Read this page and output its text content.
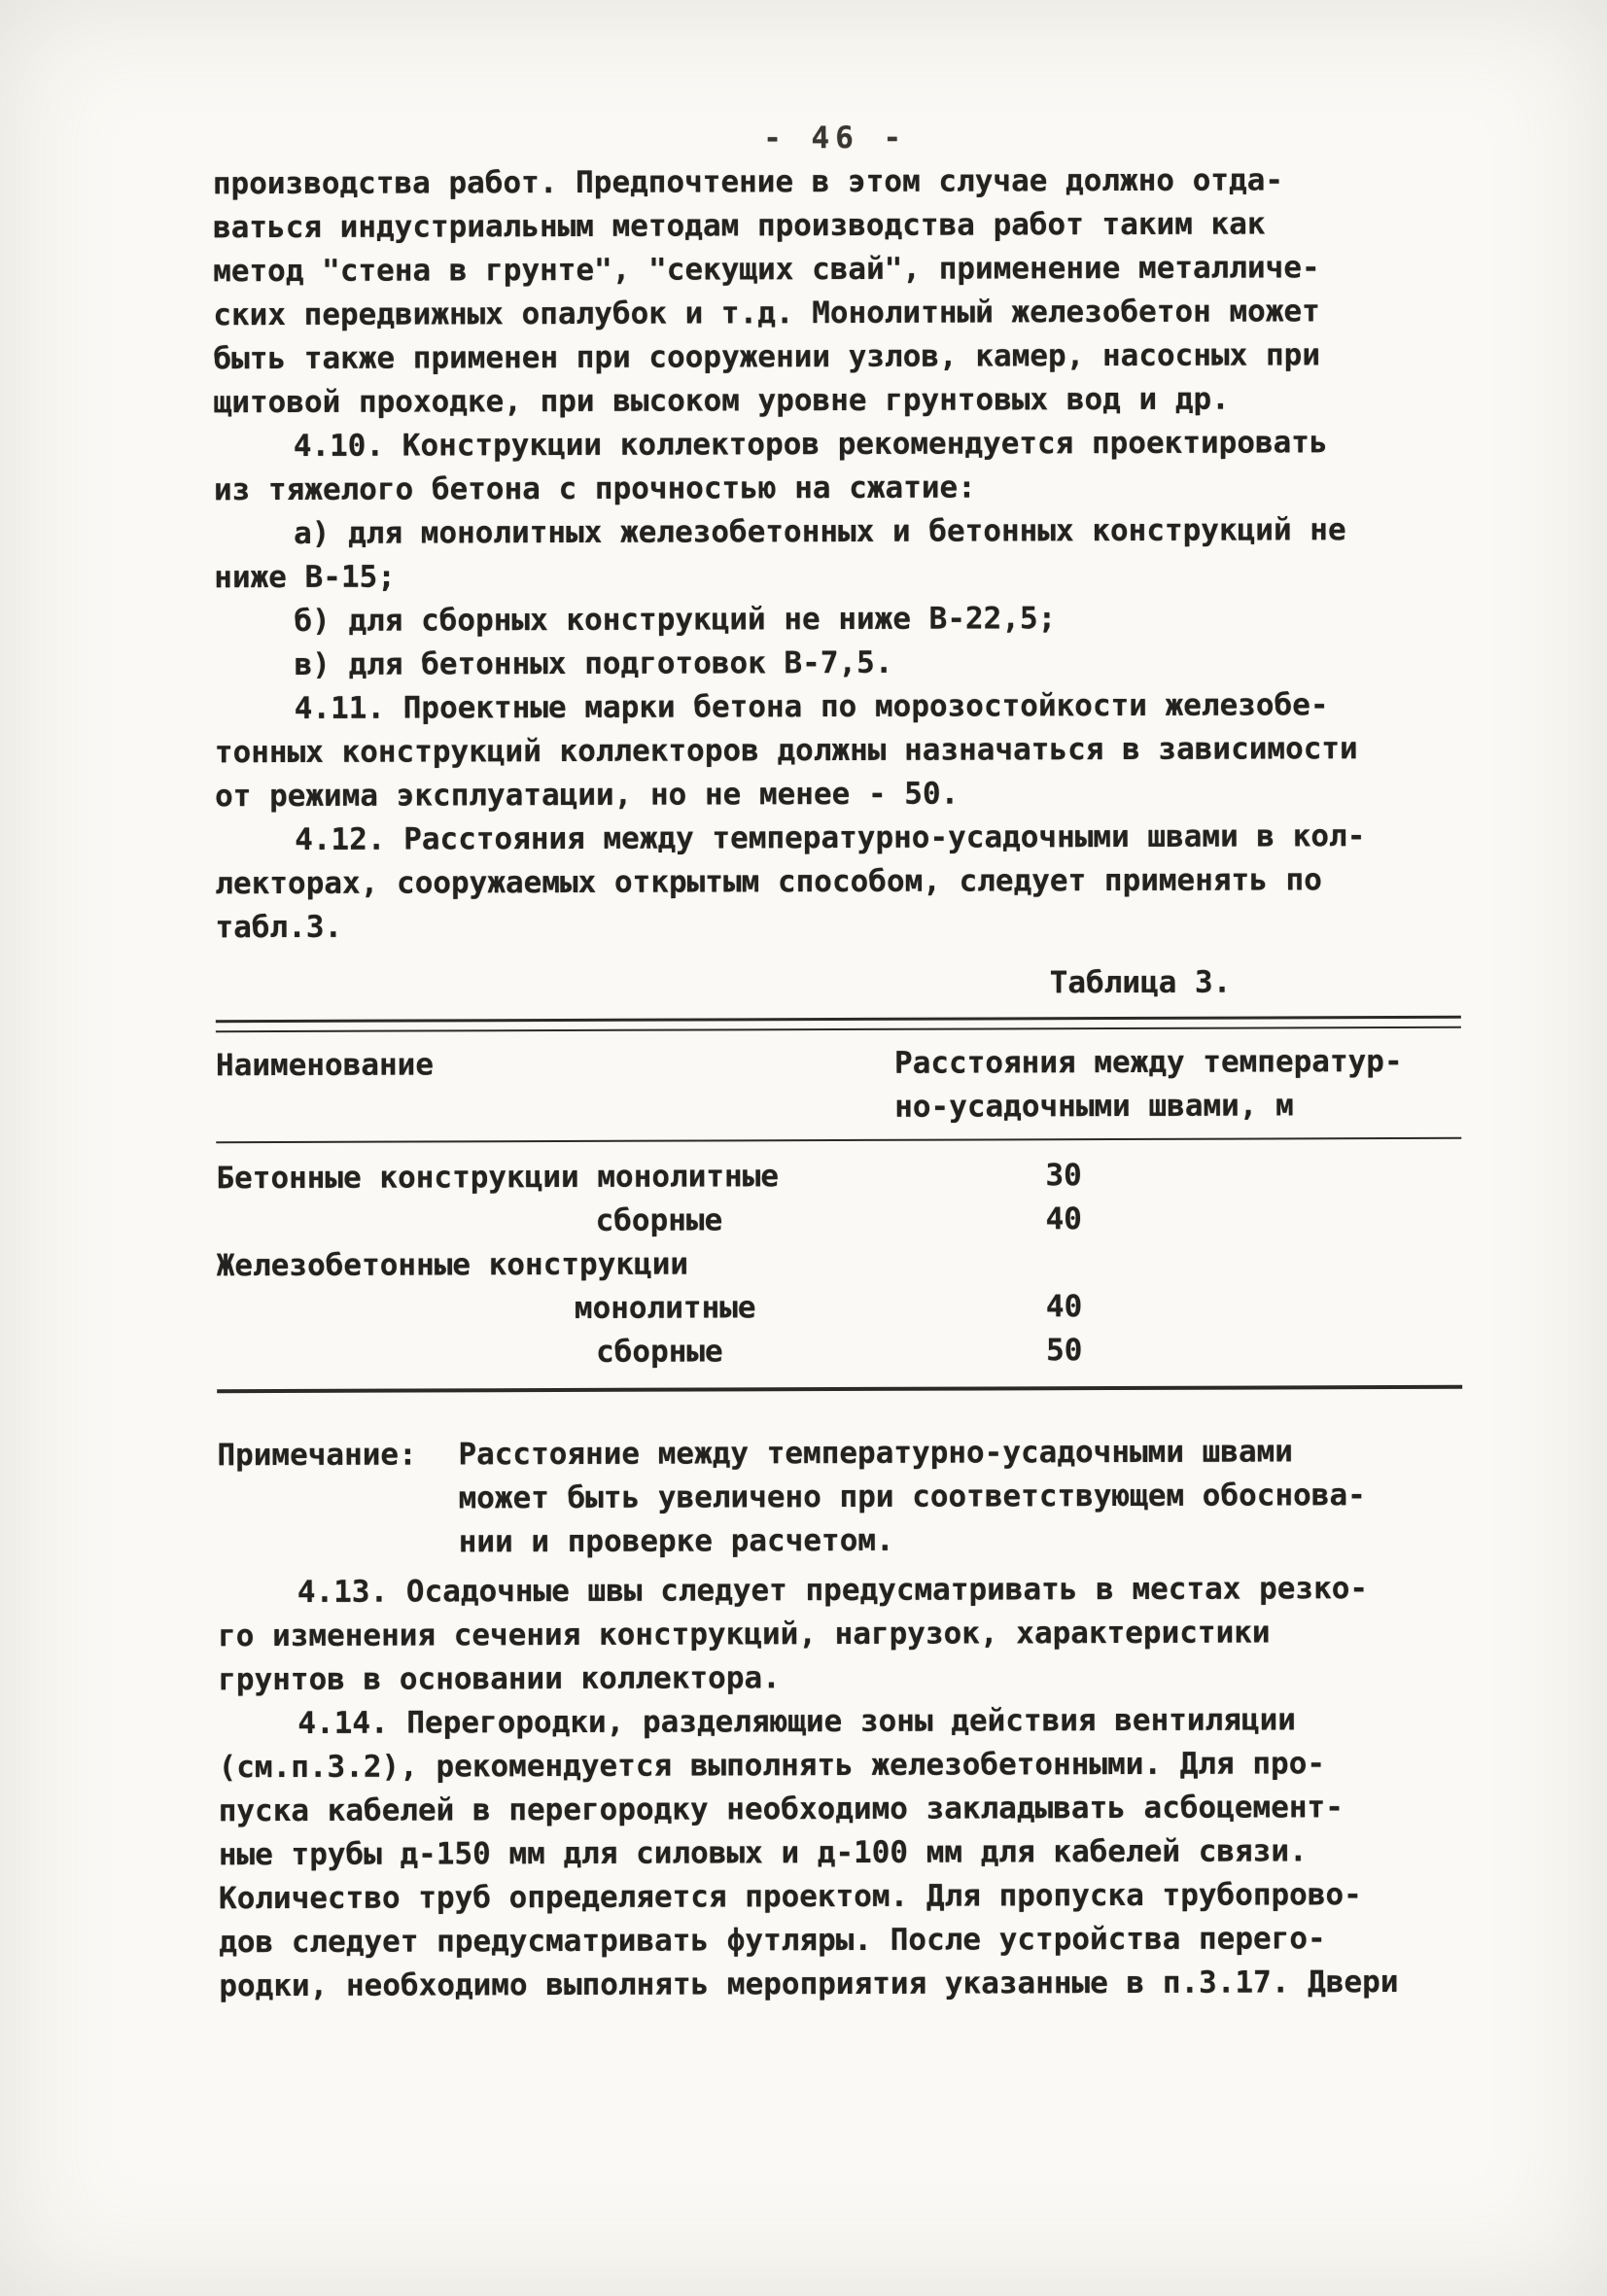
- 46 -

производства работ. Предпочтение в этом случае должно отда-
ваться индустриальным методам производства работ таким как
метод "стена в грунте", "секущих свай", применение металличе-
ских передвижных опалубок и т.д. Монолитный железобетон может
быть также применен при сооружении узлов, камер, насосных при
щитовой проходке, при высоком уровне грунтовых вод и др.

4.10. Конструкции коллекторов рекомендуется проектировать
из тяжелого бетона с прочностью на сжатие:

а) для монолитных железобетонных и бетонных конструкций не
ниже В-15;

б) для сборных конструкций не ниже В-22,5;

в) для бетонных подготовок В-7,5.

4.11. Проектные марки бетона по морозостойкости железобе-
тонных конструкций коллекторов должны назначаться в зависимости
от режима эксплуатации, но не менее - 50.

4.12. Расстояния между температурно-усадочными швами в кол-
лекторах, сооружаемых открытым способом, следует применять по
табл.3.

Таблица 3.
Наименование	Расстояния между температур-
но-усадочными швами, м
Бетонные конструкции монолитные	30
сборные	40
Железобетонные конструкции
монолитные	40
сборные	50
Примечание:	Расстояние между температурно-усадочными швами
может быть увеличено при соответствующем обоснова-
нии и проверке расчетом.

4.13. Осадочные швы следует предусматривать в местах резко-
го изменения сечения конструкций, нагрузок, характеристики
грунтов в основании коллектора.

4.14. Перегородки, разделяющие зоны действия вентиляции
(см.п.3.2), рекомендуется выполнять железобетонными. Для про-
пуска кабелей в перегородку необходимо закладывать асбоцемент-
ные трубы д-150 мм для силовых и д-100 мм для кабелей связи.
Количество труб определяется проектом. Для пропуска трубопрово-
дов следует предусматривать футляры. После устройства перего-
родки, необходимо выполнять мероприятия указанные в п.3.17. Двери
